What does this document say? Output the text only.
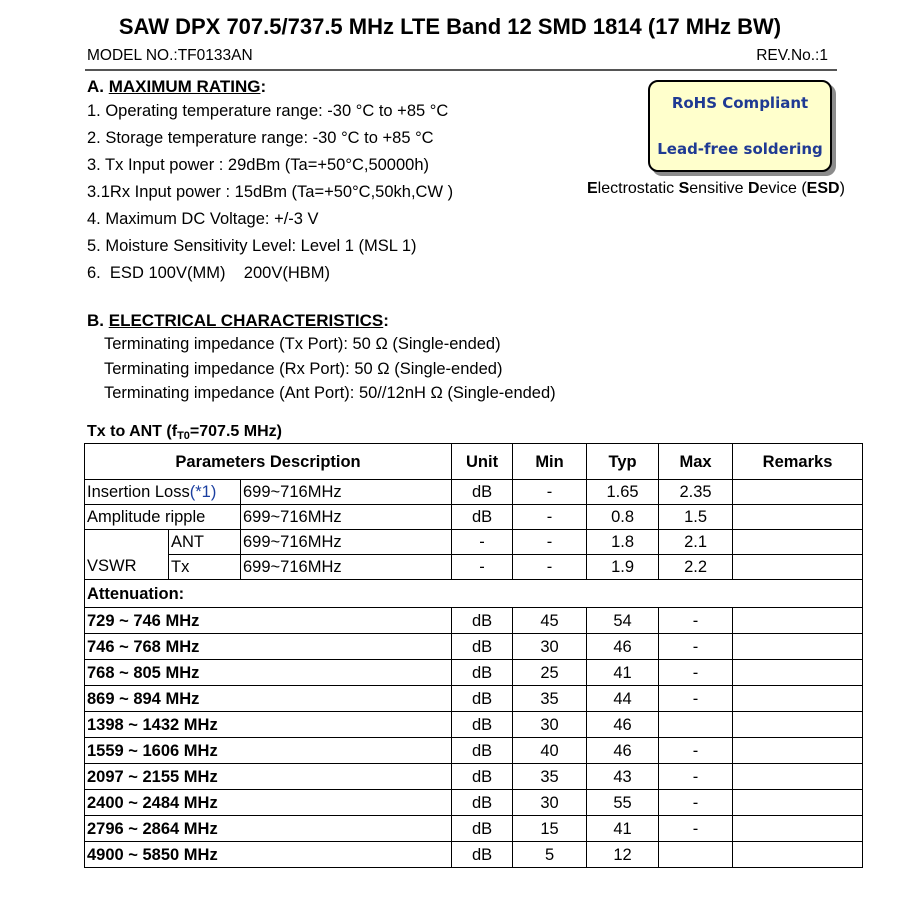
SAW DPX 707.5/737.5 MHz LTE Band 12 SMD 1814 (17 MHz BW)
MODEL NO.:TF0133AN	REV.No.:1
A. MAXIMUM RATING:
1. Operating temperature range: -30 °C to +85 °C
2. Storage temperature range: -30 °C to +85 °C
3. Tx Input power : 29dBm (Ta=+50°C,50000h)
3.1Rx Input power : 15dBm (Ta=+50°C,50kh,CW )
4. Maximum DC Voltage: +/-3 V
5. Moisture Sensitivity Level: Level 1 (MSL 1)
6.  ESD 100V(MM)    200V(HBM)
RoHS Compliant
Lead-free soldering
Electrostatic Sensitive Device (ESD)
B. ELECTRICAL CHARACTERISTICS:
Terminating impedance (Tx Port): 50 Ω (Single-ended)
Terminating impedance (Rx Port): 50 Ω (Single-ended)
Terminating impedance (Ant Port): 50//12nH Ω (Single-ended)
Tx to ANT ($f_{T0}=707.5$ MHz)
Parameters Description			Unit	Min	Typ	Max	Remarks
Insertion Loss(*1)		699~716MHz	dB	-	1.65	2.35	
Amplitude ripple		699~716MHz	dB	-	0.8	1.5	
VSWR	ANT	699~716MHz	-	-	1.8	2.1	
	Tx	699~716MHz	-	-	1.9	2.2	
Attenuation:							
729 ~ 746 MHz			dB	45	54	-	
746 ~ 768 MHz			dB	30	46	-	
768 ~ 805 MHz			dB	25	41	-	
869 ~ 894 MHz			dB	35	44	-	
1398 ~ 1432 MHz			dB	30	46		
1559 ~ 1606 MHz			dB	40	46	-	
2097 ~ 2155 MHz			dB	35	43	-	
2400 ~ 2484 MHz			dB	30	55	-	
2796 ~ 2864 MHz			dB	15	41	-	
4900 ~ 5850 MHz			dB	5	12		
